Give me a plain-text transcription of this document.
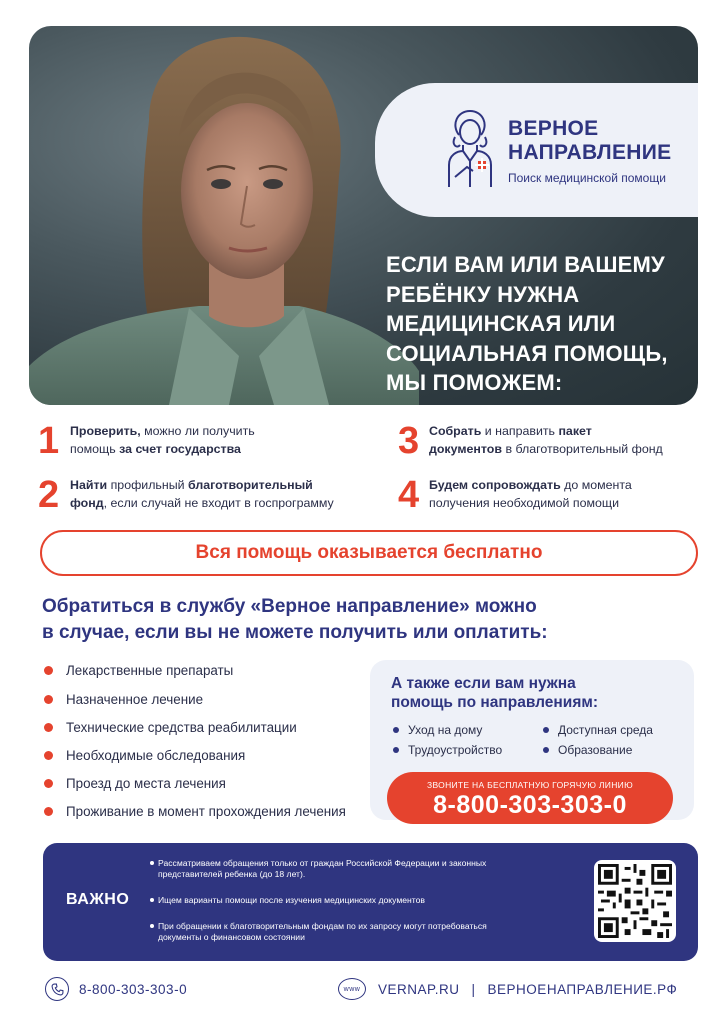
ВЕРНОЕ
НАПРАВЛЕНИЕ
Поиск медицинской помощи
ЕСЛИ ВАМ ИЛИ ВАШЕМУ
РЕБЁНКУ НУЖНА
МЕДИЦИНСКАЯ ИЛИ
СОЦИАЛЬНАЯ ПОМОЩЬ,
МЫ ПОМОЖЕМ:
1 Проверить, можно ли получить
помощь за счет государства
2 Найти профильный благотворительный
фонд, если случай не входит в госпрограмму
3 Собрать и направить пакет
документов в благотворительный фонд
4 Будем сопровождать до момента
получения необходимой помощи
Вся помощь оказывается бесплатно
Обратиться в службу «Верное направление» можно
в случае, если вы не можете получить или оплатить:
Лекарственные препараты
Назначенное лечение
Технические средства реабилитации
Необходимые обследования
Проезд до места лечения
Проживание в момент прохождения лечения
А также если вам нужна
помощь по направлениям:
Уход на дому	Доступная среда
Трудоустройство	Образование
ЗВОНИТЕ НА БЕСПЛАТНУЮ ГОРЯЧУЮ ЛИНИЮ
8-800-303-303-0
ВАЖНО
Рассматриваем обращения только от граждан Российской Федерации и законных
представителей ребенка (до 18 лет).
Ищем варианты помощи после изучения медицинских документов
При обращении к благотворительным фондам по их запросу могут потребоваться
документы о финансовом состоянии
8-800-303-303-0	www	VERNAP.RU | ВЕРНОЕНАПРАВЛЕНИЕ.РФ
